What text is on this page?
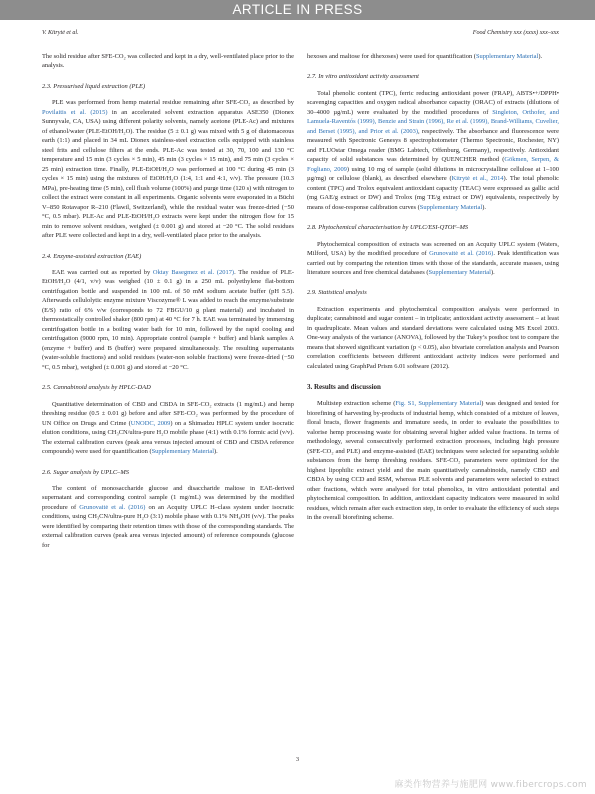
ARTICLE IN PRESS
V. Kitrytė et al.	Food Chemistry xxx (xxxx) xxx–xxx

The solid residue after SFE-CO₂ was collected and kept in a dry, well-ventilated place prior to the analysis.

2.3. Pressurised liquid extraction (PLE)

PLE was performed from hemp material residue remaining after SFE-CO₂ as described by Povilaitis et al. (2015) in an accelerated solvent extraction apparatus ASE350 (Dionex Sunnyvale, CA, USA) using different polarity solvents, namely acetone (PLE-Ac) and mixtures of ethanol/water (PLE-EtOH/H₂O). The residue (5 ± 0.1 g) was mixed with 5 g of diatomaceous earth (1:1) and placed in 34 mL Dionex stainless-steel extraction cells equipped with stainless steel frits and cellulose filters at the ends. PLE-Ac was tested at 30, 70, 100 and 130 °C temperature and 15 min (3 cycles × 5 min), 45 min (3 cycles × 15 min), and 75 min (3 cycles × 25 min) extraction time. Finally, PLE-EtOH/H₂O was performed at 100 °C during 45 min (3 cycles × 15 min) using the mixtures of EtOH/H₂O (1:4, 1:1 and 4:1, v/v). The pressure (10.3 MPa), pre-heating time (5 min), cell flush volume (100%) and purge time (120 s) with nitrogen to collect the extract were constant in all experiments. Organic solvents were evaporated in a Büchi V–850 Rotavapor R–210 (Flawil, Switzerland), while the residual water was freeze-dried (−50 °C, 0.5 mbar). PLE-Ac and PLE-EtOH/H₂O extracts were kept under the nitrogen flow for 15 min to remove solvent residues, weighed (± 0.001 g) and stored at −20 °C. The solid residues after PLE were collected and kept in a dry, well-ventilated place prior to the analysis.

2.4. Enzyme-assisted extraction (EAE)

EAE was carried out as reported by Oktay Basegmez et al. (2017). The residue of PLE-EtOH/H₂O (4/1, v/v) was weighed (10 ± 0.1 g) in a 250 mL polyethylene flat-bottom centrifugation bottle and suspended in 100 mL of 50 mM sodium acetate buffer (pH 5.5). Afterwards cellulolytic enzyme mixture Viscozyme® L was added to reach the enzyme/substrate (E/S) ratio of 6% v/w (corresponds to 72 FBGU/10 g plant material) and incubated in thermostatically controlled shaker (800 rpm) at 40 °C for 7 h. EAE was terminated by immersing centrifugation bottle in a boiling water bath for 10 min, followed by the rapid cooling and centrifugation (9000 rpm, 10 min). Appropriate control (sample + buffer) and blank samples A (enzyme + buffer) and B (buffer) were prepared simultaneously. The resulting supernatants (water-soluble fractions) and solid residues (water-non soluble fractions) were freeze-dried (−50 °C, 0.5 mbar), weighed (± 0.001 g) and stored at −20 °C.

2.5. Cannabinoid analysis by HPLC-DAD

Quantitative determination of CBD and CBDA in SFE-CO₂ extracts (1 mg/mL) and hemp threshing residue (0.5 ± 0.01 g) before and after SFE-CO₂ was performed by the procedure of UN Office on Drugs and Crime (UNODC, 2009) on a Shimadzu HPLC system under isocratic elution conditions, using CH₃CN/ultra-pure H₂O mobile phase (4:1) with 0.1% formic acid (v/v). The external calibration curves (peak area versus injected amount of CBD and CBDA reference compounds) were used for quantification (Supplementary Material).

2.6. Sugar analysis by UPLC–MS

The content of monosaccharide glucose and disaccharide maltose in EAE-derived supernatant and corresponding control sample (1 mg/mL) was determined by the modified procedure of Grunovaitė et al. (2016) on an Acquity UPLC H–class system under isocratic conditions, using CH₃CN/ultra-pure H₂O (3:1) mobile phase with 0.1% NH₄OH (v/v). The peaks were identified by comparing their retention times with those of the corresponding standards. The external calibration curves (peak area versus injected amount) of reference compounds (glucose for

hexoses and maltose for dihexoses) were used for quantification (Supplementary Material).

2.7. In vitro antioxidant activity assessment

Total phenolic content (TPC), ferric reducing antioxidant power (FRAP), ABTS•+/DPPH• scavenging capacities and oxygen radical absorbance capacity (ORAC) of extracts (dilutions of 30–4000 µg/mL) were evaluated by the modified procedures of Singleton, Orthofer, and Lamuela-Raventós (1999), Benzie and Strain (1996), Re et al. (1999), Brand-Williams, Cuvelier, and Berset (1995), and Prior et al. (2003), respectively. The absorbance and fluorescence were measured with Spectronic Genesys 8 spectrophotometer (Thermo Spectronic, Rochester, NY) and FLUOstar Omega reader (BMG Labtech, Offenburg, Germany), respectively. Antioxidant capacity of solid substances was determined by QUENCHER method (Gökmen, Serpen, & Fogliano, 2009) using 10 mg of sample (solid dilutions in microcrystalline cellulose at 1–100 µg/mg) or cellulose (blank), as described elsewhere (Kitrytė et al., 2014). The total phenolic content (TPC) and Trolox equivalent antioxidant capacity (TEAC) were expressed as gallic acid (mg GAE/g extract or DW) and Trolox (mg TE/g extract or DW) equivalents, respectively by means of dose-response calibration curves (Supplementary Material).

2.8. Phytochemical characterisation by UPLC/ESI-QTOF–MS

Phytochemical composition of extracts was screened on an Acquity UPLC system (Waters, Milford, USA) by the modified procedure of Grunovaitė et al. (2016). Peak identification was carried out by comparing the retention times with those of the standards, accurate masses, using literature sources and free chemical databases (Supplementary Material).

2.9. Statistical analysis

Extraction experiments and phytochemical composition analysis were performed in duplicate; cannabinoid and sugar content – in triplicate; antioxidant activity assessment – at least in quadruplicate. Mean values and standard deviations were calculated using MS Excel 2003. One-way analysis of the variance (ANOVA), followed by the Tukey’s posthoc test to compare the means that showed significant variation (p < 0.05), also bivariate correlation analysis and Pearson correlation coefficients between different antioxidant activity indices were performed and calculated using GraphPad Prism 6.01 software (2012).

3. Results and discussion

Multistep extraction scheme (Fig. S1, Supplementary Material) was designed and tested for biorefining of harvesting by-products of industrial hemp, which consisted of a mixture of leaves, floral bracts, flower fragments and immature seeds, in order to evaluate the possibilities to valorise hemp processing waste for obtaining several higher added value fractions. In terms of methodology, several consecutively performed extraction processes, including high pressure (SFE-CO₂ and PLE) and enzyme-assisted (EAE) techniques were selected for separating soluble substances from the hemp threshing residues. SFE-CO₂ parameters were optimized for the highest lipophilic extract yield and the main quantitatively cannabinoids, namely CBD and CBDA by using CCD and RSM, whereas PLE solvents and parameters were selected to extract other fractions, which were analysed for total phenolics, in vitro antioxidant potential and phytochemical composition. In addition, antioxidant capacity indicators were measured in solid residues, which remain after each extraction step, in order to evaluate the efficiency of such steps in the overall biorefining scheme.

3
麻类作物营养与施肥网 www.fibercrops.com
